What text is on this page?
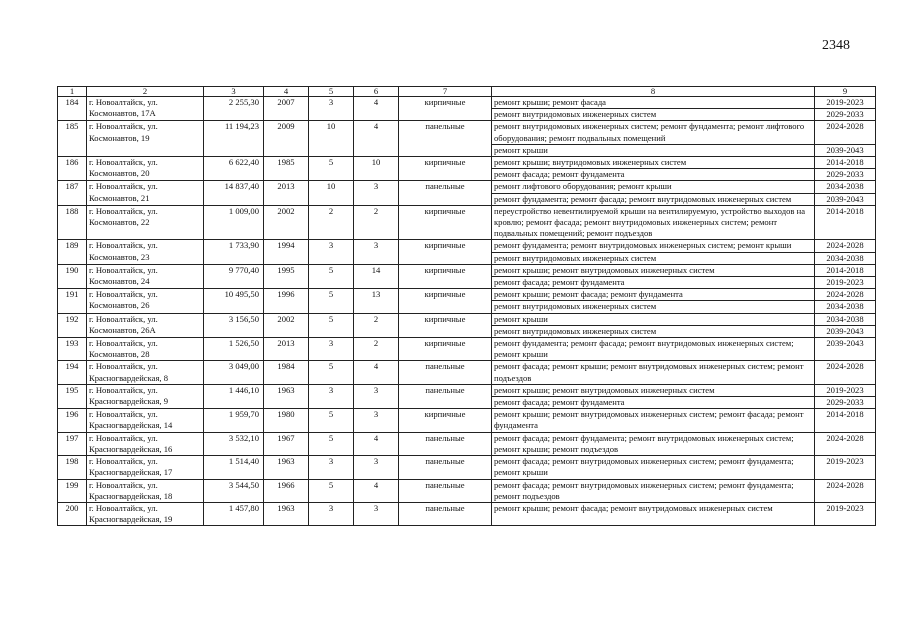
2348
1	2	3	4	5	6	7	8	9
184	г. Новоалтайск, ул. Космонавтов, 17А	2 255,30	2007	3	4	кирпичные	ремонт крыши; ремонт фасада	2019-2023
							ремонт внутридомовых инженерных систем	2029-2033
185	г. Новоалтайск, ул. Космонавтов, 19	11 194,23	2009	10	4	панельные	ремонт внутридомовых инженерных систем; ремонт фундамента; ремонт лифтового оборудования; ремонт подвальных помещений	2024-2028
							ремонт крыши	2039-2043
186	г. Новоалтайск, ул. Космонавтов, 20	6 622,40	1985	5	10	кирпичные	ремонт крыши; внутридомовых инженерных систем	2014-2018
							ремонт фасада; ремонт фундамента	2029-2033
187	г. Новоалтайск, ул. Космонавтов, 21	14 837,40	2013	10	3	панельные	ремонт лифтового оборудования; ремонт крыши	2034-2038
							ремонт фундамента; ремонт фасада; ремонт внутридомовых инженерных систем	2039-2043
188	г. Новоалтайск, ул. Космонавтов, 22	1 009,00	2002	2	2	кирпичные	переустройство невентилируемой крыши на вентилируемую, устройство выходов на кровлю; ремонт фасада; ремонт внутридомовых инженерных систем; ремонт подвальных помещений; ремонт подъездов	2014-2018
189	г. Новоалтайск, ул. Космонавтов, 23	1 733,90	1994	3	3	кирпичные	ремонт фундамента; ремонт внутридомовых инженерных систем; ремонт крыши	2024-2028
							ремонт внутридомовых инженерных систем	2034-2038
190	г. Новоалтайск, ул. Космонавтов, 24	9 770,40	1995	5	14	кирпичные	ремонт крыши; ремонт внутридомовых инженерных систем	2014-2018
							ремонт фасада; ремонт фундамента	2019-2023
191	г. Новоалтайск, ул. Космонавтов, 26	10 495,50	1996	5	13	кирпичные	ремонт крыши; ремонт фасада; ремонт фундамента	2024-2028
							ремонт внутридомовых инженерных систем	2034-2038
192	г. Новоалтайск, ул. Космонавтов, 26А	3 156,50	2002	5	2	кирпичные	ремонт крыши	2034-2038
							ремонт внутридомовых инженерных систем	2039-2043
193	г. Новоалтайск, ул. Космонавтов, 28	1 526,50	2013	3	2	кирпичные	ремонт фундамента; ремонт фасада; ремонт внутридомовых инженерных систем; ремонт крыши	2039-2043
194	г. Новоалтайск, ул. Красногвардейская, 8	3 049,00	1984	5	4	панельные	ремонт фасада; ремонт крыши; ремонт внутридомовых инженерных систем; ремонт подъездов	2024-2028
195	г. Новоалтайск, ул. Красногвардейская, 9	1 446,10	1963	3	3	панельные	ремонт крыши; ремонт внутридомовых инженерных систем	2019-2023
							ремонт фасада; ремонт фундамента	2029-2033
196	г. Новоалтайск, ул. Красногвардейская, 14	1 959,70	1980	5	3	кирпичные	ремонт крыши; ремонт внутридомовых инженерных систем; ремонт фасада; ремонт фундамента	2014-2018
197	г. Новоалтайск, ул. Красногвардейская, 16	3 532,10	1967	5	4	панельные	ремонт фасада; ремонт фундамента; ремонт внутридомовых инженерных систем; ремонт крыши; ремонт подъездов	2024-2028
198	г. Новоалтайск, ул. Красногвардейская, 17	1 514,40	1963	3	3	панельные	ремонт фасада; ремонт внутридомовых инженерных систем; ремонт фундамента; ремонт крыши	2019-2023
199	г. Новоалтайск, ул. Красногвардейская, 18	3 544,50	1966	5	4	панельные	ремонт фасада; ремонт внутридомовых инженерных систем; ремонт фундамента; ремонт подъездов	2024-2028
200	г. Новоалтайск, ул. Красногвардейская, 19	1 457,80	1963	3	3	панельные	ремонт крыши; ремонт фасада; ремонт внутридомовых инженерных систем	2019-2023
